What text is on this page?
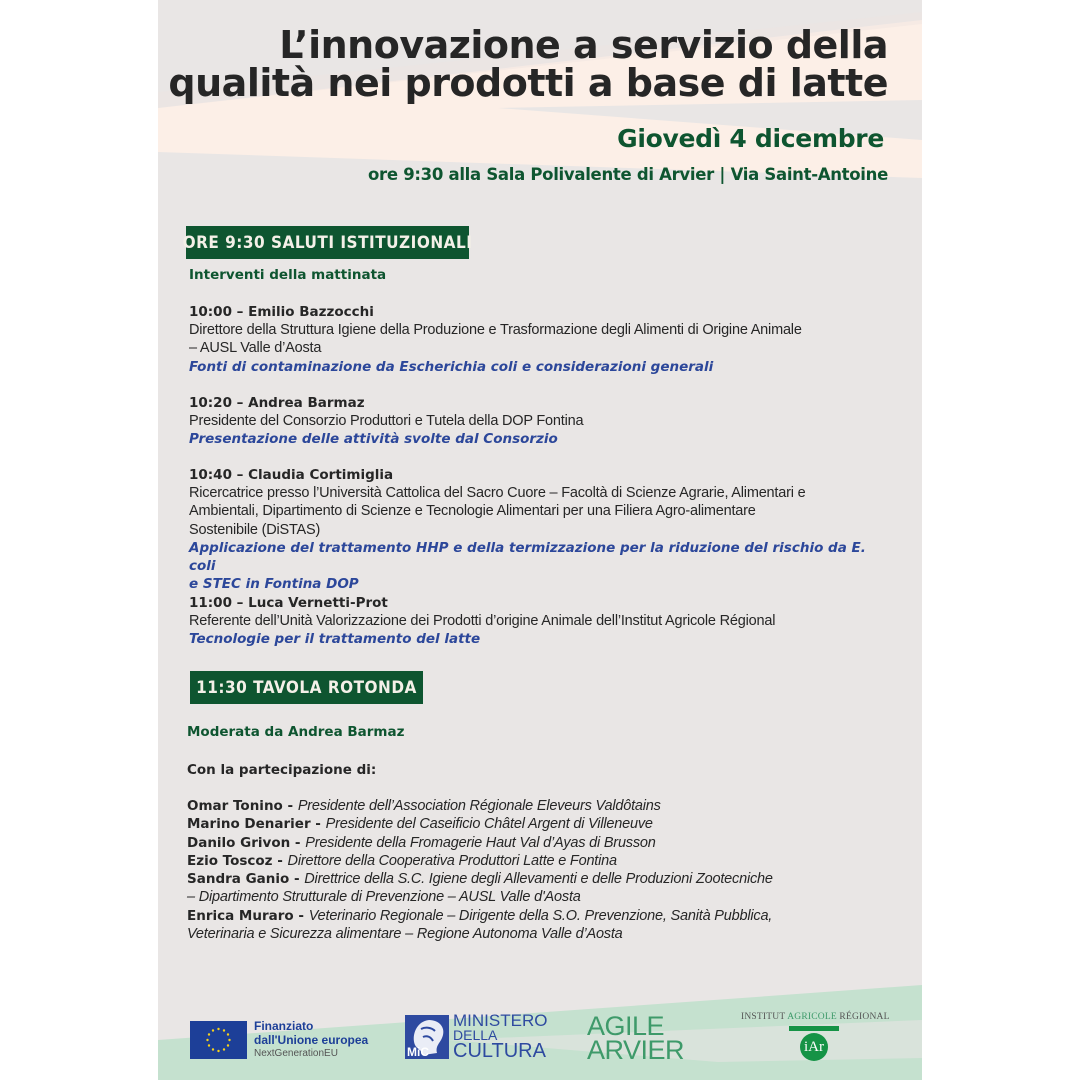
L’innovazione a servizio della
qualità nei prodotti a base di latte
Giovedì 4 dicembre
ore 9:30 alla Sala Polivalente di Arvier | Via Saint-Antoine
ORE 9:30 SALUTI ISTITUZIONALI
Interventi della mattinata
10:00 – Emilio Bazzocchi
Direttore della Struttura Igiene della Produzione e Trasformazione degli Alimenti di Origine Animale
– AUSL Valle d’Aosta
Fonti di contaminazione da Escherichia coli e considerazioni generali
10:20 – Andrea Barmaz
Presidente del Consorzio Produttori e Tutela della DOP Fontina
Presentazione delle attività svolte dal Consorzio
10:40 – Claudia Cortimiglia
Ricercatrice presso l’Università Cattolica del Sacro Cuore – Facoltà di Scienze Agrarie, Alimentari e
Ambientali, Dipartimento di Scienze e Tecnologie Alimentari per una Filiera Agro-alimentare
Sostenibile (DiSTAS)
Applicazione del trattamento HHP e della termizzazione per la riduzione del rischio da E. coli
e STEC in Fontina DOP
11:00 – Luca Vernetti-Prot
Referente dell’Unità Valorizzazione dei Prodotti d’origine Animale dell’Institut Agricole Régional
Tecnologie per il trattamento del latte
11:30 TAVOLA ROTONDA
Moderata da Andrea Barmaz
Con la partecipazione di:
Omar Tonino - Presidente dell’Association Régionale Eleveurs Valdôtains
Marino Denarier - Presidente del Caseificio Châtel Argent di Villeneuve
Danilo Grivon - Presidente della Fromagerie Haut Val d’Ayas di Brusson
Ezio Toscoz - Direttore della Cooperativa Produttori Latte e Fontina
Sandra Ganio - Direttrice della S.C. Igiene degli Allevamenti e delle Produzioni Zootecniche
– Dipartimento Strutturale di Prevenzione – AUSL Valle d'Aosta
Enrica Muraro - Veterinario Regionale – Dirigente della S.O. Prevenzione, Sanità Pubblica,
Veterinaria e Sicurezza alimentare – Regione Autonoma Valle d’Aosta
Finanziato
dall'Unione europea
NextGenerationEU	MiC
MINISTERO
DELLA
CULTURA
AGILE
ARVIER
INSTITUT AGRICOLE RÉGIONAL
iAr
